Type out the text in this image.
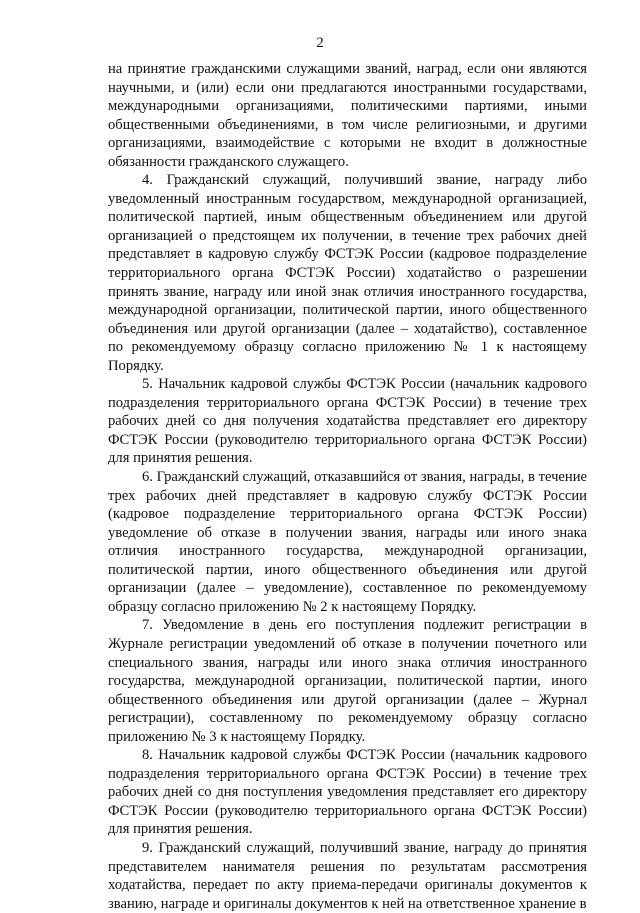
2

на принятие гражданскими служащими званий, наград, если они являются научными, и (или) если они предлагаются иностранными государствами, международными организациями, политическими партиями, иными общественными объединениями, в том числе религиозными, и другими организациями, взаимодействие с которыми не входит в должностные обязанности гражданского служащего.

4. Гражданский служащий, получивший звание, награду либо уведомленный иностранным государством, международной организацией, политической партией, иным общественным объединением или другой организацией о предстоящем их получении, в течение трех рабочих дней представляет в кадровую службу ФСТЭК России (кадровое подразделение территориального органа ФСТЭК России) ходатайство о разрешении принять звание, награду или иной знак отличия иностранного государства, международной организации, политической партии, иного общественного объединения или другой организации (далее – ходатайство), составленное по рекомендуемому образцу согласно приложению № 1 к настоящему Порядку.

5. Начальник кадровой службы ФСТЭК России (начальник кадрового подразделения территориального органа ФСТЭК России) в течение трех рабочих дней со дня получения ходатайства представляет его директору ФСТЭК России (руководителю территориального органа ФСТЭК России) для принятия решения.

6. Гражданский служащий, отказавшийся от звания, награды, в течение трех рабочих дней представляет в кадровую службу ФСТЭК России (кадровое подразделение территориального органа ФСТЭК России) уведомление об отказе в получении звания, награды или иного знака отличия иностранного государства, международной организации, политической партии, иного общественного объединения или другой организации (далее – уведомление), составленное по рекомендуемому образцу согласно приложению № 2 к настоящему Порядку.

7. Уведомление в день его поступления подлежит регистрации в Журнале регистрации уведомлений об отказе в получении почетного или специального звания, награды или иного знака отличия иностранного государства, международной организации, политической партии, иного общественного объединения или другой организации (далее – Журнал регистрации), составленному по рекомендуемому образцу согласно приложению № 3 к настоящему Порядку.

8. Начальник кадровой службы ФСТЭК России (начальник кадрового подразделения территориального органа ФСТЭК России) в течение трех рабочих дней со дня поступления уведомления представляет его директору ФСТЭК России (руководителю территориального органа ФСТЭК России) для принятия решения.

9. Гражданский служащий, получивший звание, награду до принятия представителем нанимателя решения по результатам рассмотрения ходатайства, передает по акту приема-передачи оригиналы документов к званию, награде и оригиналы документов к ней на ответственное хранение в
